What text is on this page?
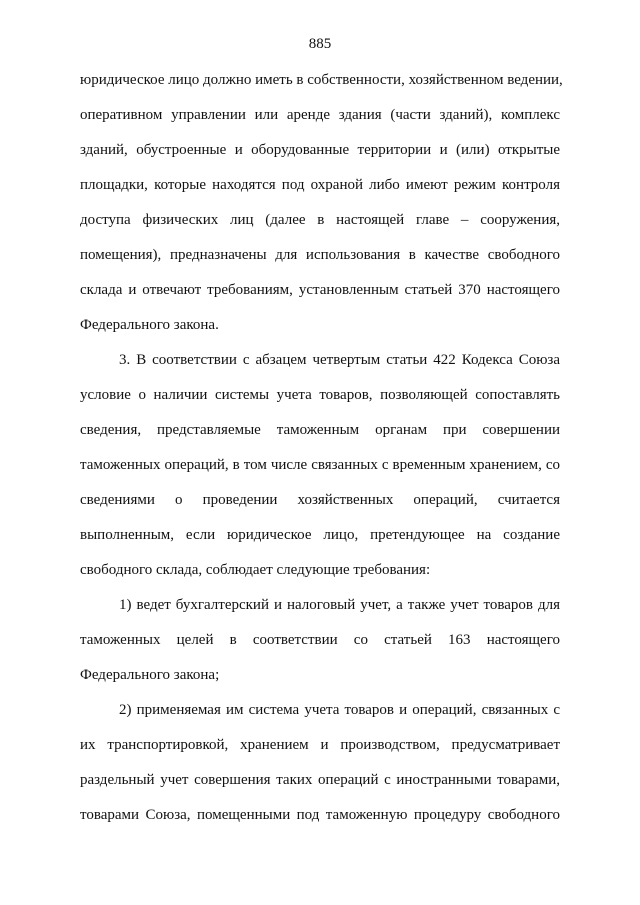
885
юридическое лицо должно иметь в собственности, хозяйственном ведении,
оперативном управлении или аренде здания (части зданий), комплекс
зданий, обустроенные и оборудованные территории и (или) открытые
площадки, которые находятся под охраной либо имеют режим контроля
доступа физических лиц (далее в настоящей главе – сооружения,
помещения), предназначены для использования в качестве свободного
склада и отвечают требованиям, установленным статьей 370 настоящего
Федерального закона.
3. В соответствии с абзацем четвертым статьи 422 Кодекса Союза
условие о наличии системы учета товаров, позволяющей сопоставлять
сведения, представляемые таможенным органам при совершении
таможенных операций, в том числе связанных с временным хранением, со
сведениями о проведении хозяйственных операций, считается
выполненным, если юридическое лицо, претендующее на создание
свободного склада, соблюдает следующие требования:
1) ведет бухгалтерский и налоговый учет, а также учет товаров для
таможенных целей в соответствии со статьей 163 настоящего
Федерального закона;
2) применяемая им система учета товаров и операций, связанных с
их транспортировкой, хранением и производством, предусматривает
раздельный учет совершения таких операций с иностранными товарами,
товарами Союза, помещенными под таможенную процедуру свободного
